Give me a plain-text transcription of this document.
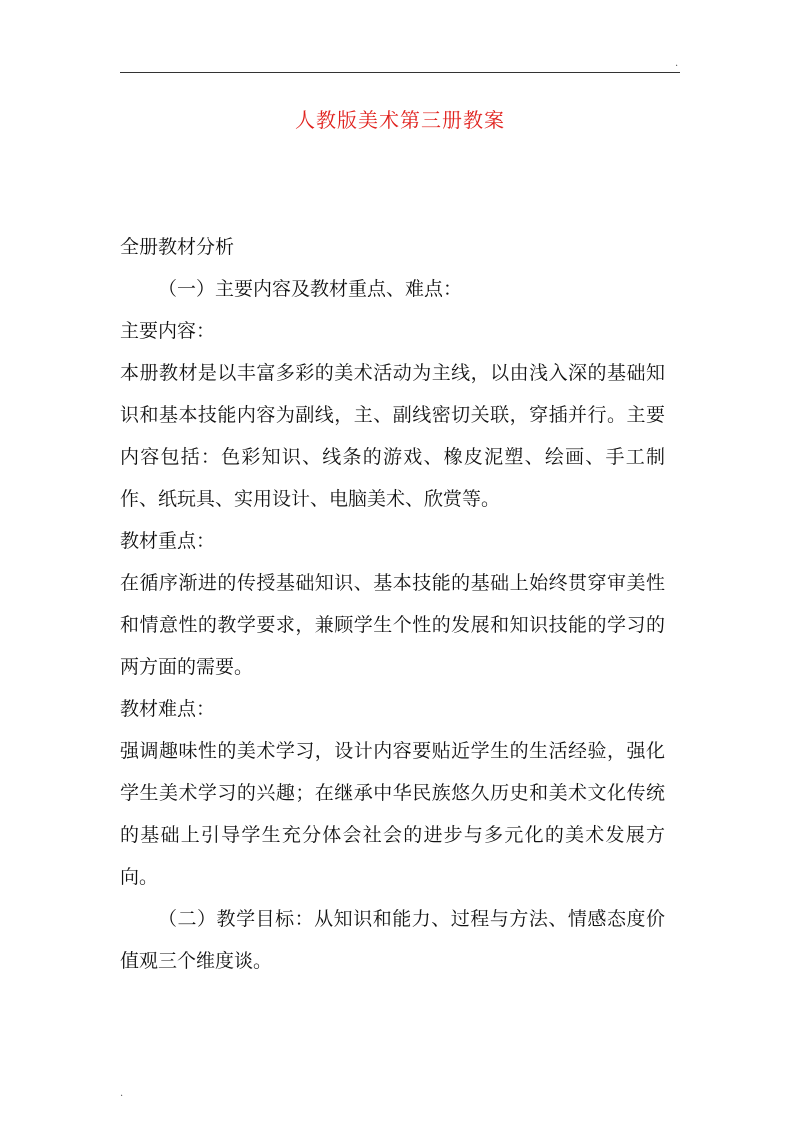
.
人教版美术第三册教案

全册教材分析

（一）主要内容及教材重点、难点：

主要内容：

本册教材是以丰富多彩的美术活动为主线，以由浅入深的基础知识和基本技能内容为副线，主、副线密切关联，穿插并行。主要内容包括：色彩知识、线条的游戏、橡皮泥塑、绘画、手工制作、纸玩具、实用设计、电脑美术、欣赏等。

教材重点：

在循序渐进的传授基础知识、基本技能的基础上始终贯穿审美性和情意性的教学要求，兼顾学生个性的发展和知识技能的学习的两方面的需要。

教材难点：

强调趣味性的美术学习，设计内容要贴近学生的生活经验，强化学生美术学习的兴趣；在继承中华民族悠久历史和美术文化传统的基础上引导学生充分体会社会的进步与多元化的美术发展方向。

（二）教学目标：从知识和能力、过程与方法、情感态度价值观三个维度谈。

.
